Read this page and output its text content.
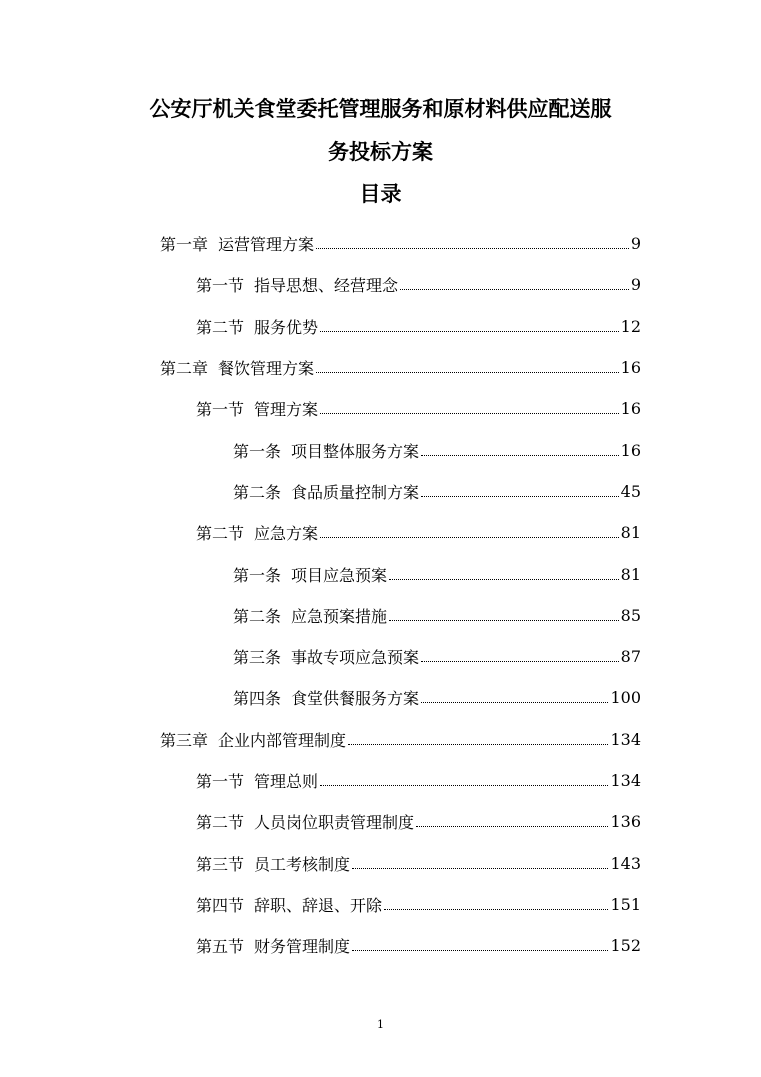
公安厅机关食堂委托管理服务和原材料供应配送服
务投标方案
目录
第一章 运营管理方案	9
第一节 指导思想、经营理念	9
第二节 服务优势	12
第二章 餐饮管理方案	16
第一节 管理方案	16
第一条 项目整体服务方案	16
第二条 食品质量控制方案	45
第二节 应急方案	81
第一条 项目应急预案	81
第二条 应急预案措施	85
第三条 事故专项应急预案	87
第四条 食堂供餐服务方案	100
第三章 企业内部管理制度	134
第一节 管理总则	134
第二节 人员岗位职责管理制度	136
第三节 员工考核制度	143
第四节 辞职、辞退、开除	151
第五节 财务管理制度	152
1
